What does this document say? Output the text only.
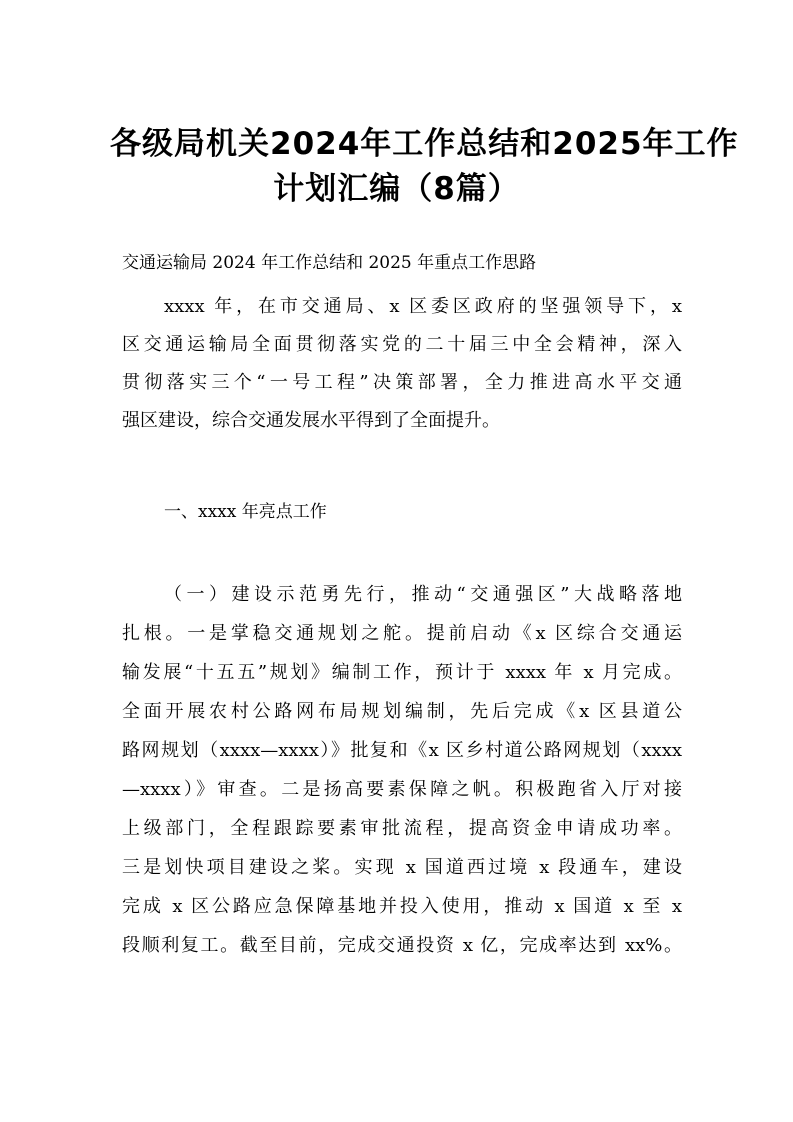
各级局机关2024年工作总结和2025年工作
计划汇编（8篇）
交通运输局 2024 年工作总结和 2025 年重点工作思路
xxxx 年，在市交通局、x 区委区政府的坚强领导下，x
区交通运输局全面贯彻落实党的二十届三中全会精神，深入
贯彻落实三个“一号工程”决策部署，全力推进高水平交通
强区建设，综合交通发展水平得到了全面提升。
一、xxxx 年亮点工作
（一）建设示范勇先行，推动“交通强区”大战略落地
扎根。一是掌稳交通规划之舵。提前启动《x 区综合交通运
输发展“十五五”规划》编制工作，预计于 xxxx 年 x 月完成。
全面开展农村公路网布局规划编制，先后完成《x 区县道公
路网规划（xxxx—xxxx）》批复和《x 区乡村道公路网规划（xxxx
—xxxx）》审查。二是扬高要素保障之帆。积极跑省入厅对接
上级部门，全程跟踪要素审批流程，提高资金申请成功率。
三是划快项目建设之桨。实现 x 国道西过境 x 段通车，建设
完成 x 区公路应急保障基地并投入使用，推动 x 国道 x 至 x
段顺利复工。截至目前，完成交通投资 x 亿，完成率达到 xx%。
